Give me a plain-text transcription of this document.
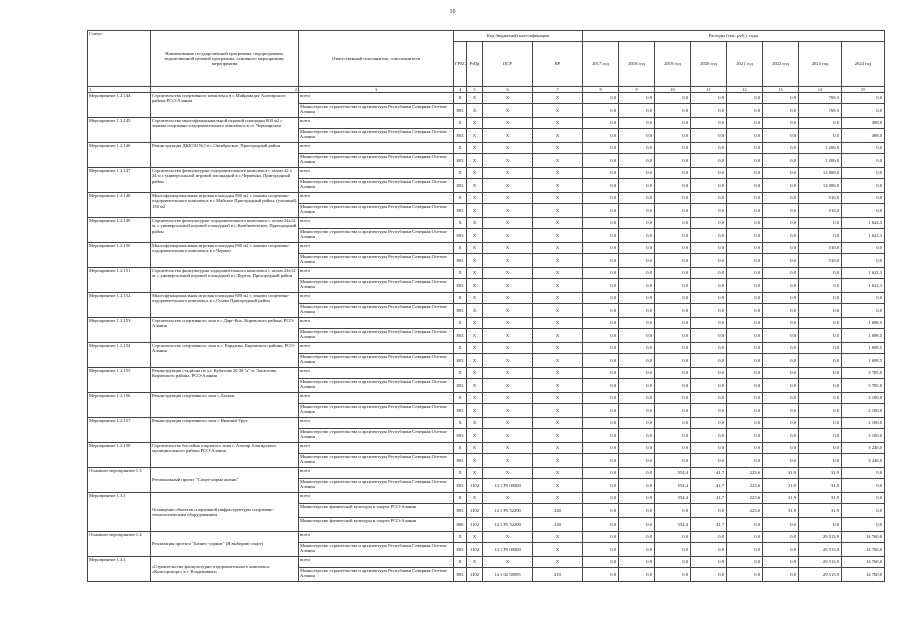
16
Статус	Наименование государственной программы, подпрограммы, ведомственной целевой программы, основного мероприятия, мероприятия	Ответственный исполнитель, соисполнители	Код бюджетной классификации				Расходы (тыс. руб.), годы							
			ГРБС	РзПр	ЦСР	ВР	2017 год	2018 год	2019 год	2020 год	2021 год	2022 год	2023 год	2024 год
1	2	3	4	5	6	7	8	9	10	11	12	13	14	15
Мероприятие 1.2.144	Строительство спортивного комплекса в с.Майрамадаг Алагирского района РСО-Алания	всего	Х	Х	Х	Х	0,0	0,0	0,0	0,0	0,0	0,0	769,3	0,0
		Министерство строительства и архитектуры Республики Северная Осетия-Алания	803	Х	Х	Х	0,0	0,0	0,0	0,0	0,0	0,0	769,3	0,0
Мероприятие 1.2.145	Строительство многофункциональной игровой площадки 800 м2 с зонами спортивно-оздоровительного комплекса в ст. Черноярская	всего	Х	Х	Х	Х	0,0	0,0	0,0	0,0	0,0	0,0	0,0	498,0
		Министерство строительства и архитектуры Республики Северная Осетия-Алания	803	Х	Х	Х	0,0	0,0	0,0	0,0	0,0	0,0	0,0	498,0
Мероприятие 1.2.146	Реконструкция ДЮСШ №3 в с.Октябрьское, Пригородный район	всего	Х	Х	Х	Х	0,0	0,0	0,0	0,0	0,0	0,0	1 200,0	0,0
		Министерство строительства и архитектуры Республики Северная Осетия-Алания	803	Х	Х	Х	0,0	0,0	0,0	0,0	0,0	0,0	1 200,0	0,0
Мероприятие 1.2.147	Строительство физкультурно-оздоровительного комплекса с залом 42 х 24 м с универсальной игровой площадкой в с.Черменка, Пригородный район	всего	Х	Х	Х	Х	0,0	0,0	0,0	0,0	0,0	0,0	12 000,0	0,0
		Министерство строительства и архитектуры Республики Северная Осетия-Алания	803	Х	Х	Х	0,0	0,0	0,0	0,0	0,0	0,0	12 000,0	0,0
Мероприятие 1.2.148	Многофункциональная игровая площадка 800 м2 с зонами спортивно-оздоровительного комплекса в с.Майское Пригородный район, (уличный) 150 м2	всего	Х	Х	Х	Х	0,0	0,0	0,0	0,0	0,0	0,0	510,0	0,0
		Министерство строительства и архитектуры Республики Северная Осетия-Алания	803	Х	Х	Х	0,0	0,0	0,0	0,0	0,0	0,0	510,0	0,0
Мероприятие 1.2.149	Строительство физкультурно-оздоровительного комплекса с залом 24х12 м. с универсальной игровой площадкой в с.Камбилеевское, Пригородный район	всего	Х	Х	Х	Х	0,0	0,0	0,0	0,0	0,0	0,0	0,0	1 622,3
		Министерство строительства и архитектуры Республики Северная Осетия-Алания	803	Х	Х	Х	0,0	0,0	0,0	0,0	0,0	0,0	0,0	1 622,3
Мероприятие 1.2.150	Многофункциональная игровая площадка 800 м2 с зонами спортивно-оздоровительного комплекса в с.Чермен	всего	Х	Х	Х	Х	0,0	0,0	0,0	0,0	0,0	0,0	510,0	0,0
		Министерство строительства и архитектуры Республики Северная Осетия-Алания	803	Х	Х	Х	0,0	0,0	0,0	0,0	0,0	0,0	510,0	0,0
Мероприятие 1.2.151	Строительство физкультурно-оздоровительного комплекса с залом 24х12 м. с универсальной игровой площадкой в с.Куртат, Пригородный район	всего	Х	Х	Х	Х	0,0	0,0	0,0	0,0	0,0	0,0	0,0	1 622,3
		Министерство строительства и архитектуры Республики Северная Осетия-Алания	803	Х	Х	Х	0,0	0,0	0,0	0,0	0,0	0,0	0,0	1 622,3
Мероприятие 1.2.152	Многофункциональная игровая площадка 800 м2 с зонами спортивно-оздоровительного комплекса в с.Сунжа Пригородный район	всего	Х	Х	Х	Х	0,0	0,0	0,0	0,0	0,0	0,0	0,0	0,0
		Министерство строительства и архитектуры Республики Северная Осетия-Алания	803	Х	Х	Х	0,0	0,0	0,0	0,0	0,0	0,0	0,0	0,0
Мероприятие 1.2.153	Строительство спортивного зала в с.Дарг-Кох, Кировского района, РСО-Алания	всего	Х	Х	Х	Х	0,0	0,0	0,0	0,0	0,0	0,0	0,0	1 698,5
		Министерство строительства и архитектуры Республики Северная Осетия-Алания	803	Х	Х	Х	0,0	0,0	0,0	0,0	0,0	0,0	0,0	1 698,5
Мероприятие 1.2.154	Строительство спортивного зала в с. Карджин, Кировского района, РСО-Алания	всего	Х	Х	Х	Х	0,0	0,0	0,0	0,0	0,0	0,0	0,0	1 698,5
		Министерство строительства и архитектуры Республики Северная Осетия-Алания	803	Х	Х	Х	0,0	0,0	0,0	0,0	0,0	0,0	0,0	1 698,5
Мероприятие 1.2.155	Реконструкция стадиона по ул. Кубалова 26 38 "а" в. Эльхотово, Кировского района, РСО-Алания	всего	Х	Х	Х	Х	0,0	0,0	0,0	0,0	0,0	0,0	0,0	5 785,0
		Министерство строительства и архитектуры Республики Северная Осетия-Алания	803	Х	Х	Х	0,0	0,0	0,0	0,0	0,0	0,0	0,0	5 785,0
Мероприятие 1.2.156	Реконструкция спортивного зала с.Ласкен	всего	Х	Х	Х	Х	0,0	0,0	0,0	0,0	0,0	0,0	0,0	2 100,0
		Министерство строительства и архитектуры Республики Северная Осетия-Алания	803	Х	Х	Х	0,0	0,0	0,0	0,0	0,0	0,0	0,0	2 100,0
Мероприятие 1.2.157	Реконструкция спортивного зала с.Нижний Урух	всего	Х	Х	Х	Х	0,0	0,0	0,0	0,0	0,0	0,0	0,0	2 100,0
		Министерство строительства и архитектуры Республики Северная Осетия-Алания	803	Х	Х	Х	0,0	0,0	0,0	0,0	0,0	0,0	0,0	2 100,0
Мероприятие 1.2.158	Строительство бассейна открытого типа г. Алагир Алагирского муниципального района РСО-Алания	всего	Х	Х	Х	Х	0,0	0,0	0,0	0,0	0,0	0,0	0,0	3 246,0
		Министерство строительства и архитектуры Республики Северная Осетия-Алания	803	Х	Х	Х	0,0	0,0	0,0	0,0	0,0	0,0	0,0	3 246,0
Основное мероприятие 1.3	Региональный проект "Спорт-норма жизни"	всего	Х	Х	Х	Х	0,0	0,0	554,4	41,7	223,6	31,9	31,9	0,0
		Министерство строительства и архитектуры Республики Северная Осетия-Алания	803	1102	14 1 P5 00000	Х	0,0	0,0	554,4	41,7	223,6	31,9	31,9	0,0
Мероприятие 1.3.1	Оснащение объектов спортивной инфраструктуры спортивно-технологическим оборудованием	всего	Х	Х	Х	Х	0,0	0,0	554,4	41,7	223,6	31,9	31,9	0,0
		Министерство физической культуры и спорта РСО-Алания	803	1102	14 1 P5 52290	240	0,0	0,0	0,0	0,0	223,6	31,9	31,9	0,0
		Министерство физической культуры и спорта РСО-Алания	806	1102	14 1 P5 52290	240	0,0	0,0	554,4	41,7	0,0	0,0	0,0	0,0
Основное мероприятие 1.4	Реализация проекта "Бизнес-спринт" (Я выбираю спорт)	всего	Х	Х	Х	Х	0,0	0,0	0,0	0,0	0,0	0,0	29 513,9	14 760,0
		Министерство строительства и архитектуры Республики Северная Осетия-Алания	803	1102	14 1 P5 00000	Х	0,0	0,0	0,0	0,0	0,0	0,0	29 513,9	14 760,0
Мероприятие 1.4.1	«Строительство физкультурно-оздоровительного комплекса «Комсорспорт» в г. Владикавказ»	всего	Х	Х	Х	Х	0,0	0,0	0,0	0,0	0,0	0,0	29 513,9	14 760,0
		Министерство строительства и архитектуры Республики Северная Осетия-Алания	803	1102	14 1 02 58095	410	0,0	0,0	0,0	0,0	0,0	0,0	29 513,9	14 760,0
